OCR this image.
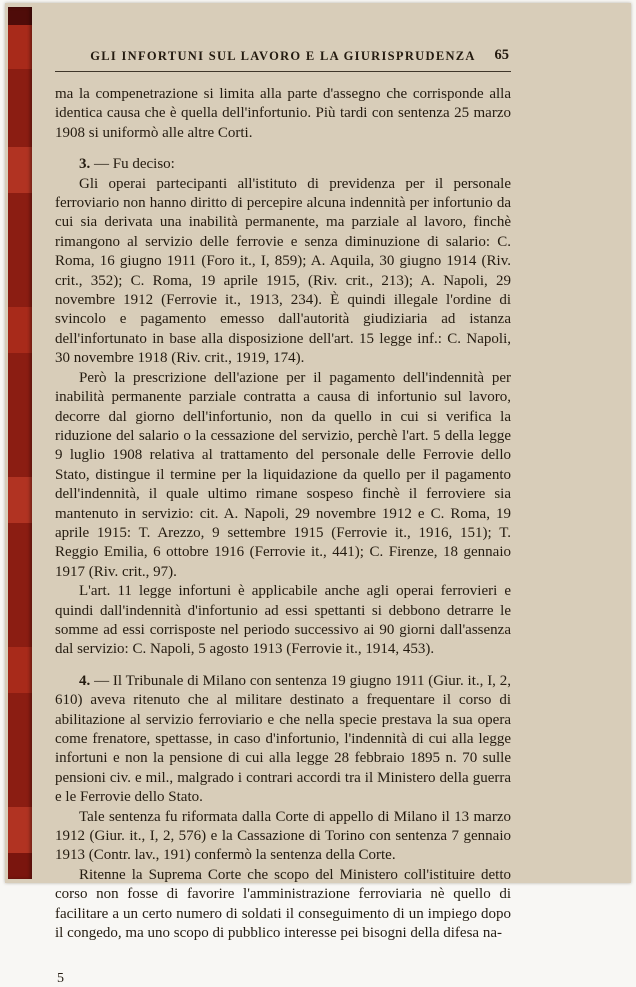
GLI INFORTUNI SUL LAVORO E LA GIURISPRUDENZA 65

ma la compenetrazione si limita alla parte d'assegno che corrisponde alla identica causa che è quella dell'infortunio. Più tardi con sentenza 25 marzo 1908 si uniformò alle altre Corti.

3. — Fu deciso:

Gli operai partecipanti all'istituto di previdenza per il personale ferroviario non hanno diritto di percepire alcuna indennità per infortunio da cui sia derivata una inabilità permanente, ma parziale al lavoro, finchè rimangono al servizio delle ferrovie e senza diminuzione di salario: C. Roma, 16 giugno 1911 (Foro it., I, 859); A. Aquila, 30 giugno 1914 (Riv. crit., 352); C. Roma, 19 aprile 1915, (Riv. crit., 213); A. Napoli, 29 novembre 1912 (Ferrovie it., 1913, 234). È quindi illegale l'ordine di svincolo e pagamento emesso dall'autorità giudiziaria ad istanza dell'infortunato in base alla disposizione dell'art. 15 legge inf.: C. Napoli, 30 novembre 1918 (Riv. crit., 1919, 174).

Però la prescrizione dell'azione per il pagamento dell'indennità per inabilità permanente parziale contratta a causa di infortunio sul lavoro, decorre dal giorno dell'infortunio, non da quello in cui si verifica la riduzione del salario o la cessazione del servizio, perchè l'art. 5 della legge 9 luglio 1908 relativa al trattamento del personale delle Ferrovie dello Stato, distingue il termine per la liquidazione da quello per il pagamento dell'indennità, il quale ultimo rimane sospeso finchè il ferroviere sia mantenuto in servizio: cit. A. Napoli, 29 novembre 1912 e C. Roma, 19 aprile 1915: T. Arezzo, 9 settembre 1915 (Ferrovie it., 1916, 151); T. Reggio Emilia, 6 ottobre 1916 (Ferrovie it., 441); C. Firenze, 18 gennaio 1917 (Riv. crit., 97).

L'art. 11 legge infortuni è applicabile anche agli operai ferrovieri e quindi dall'indennità d'infortunio ad essi spettanti si debbono detrarre le somme ad essi corrisposte nel periodo successivo ai 90 giorni dall'assenza dal servizio: C. Napoli, 5 agosto 1913 (Ferrovie it., 1914, 453).

4. — Il Tribunale di Milano con sentenza 19 giugno 1911 (Giur. it., I, 2, 610) aveva ritenuto che al militare destinato a frequentare il corso di abilitazione al servizio ferroviario e che nella specie prestava la sua opera come frenatore, spettasse, in caso d'infortunio, l'indennità di cui alla legge infortuni e non la pensione di cui alla legge 28 febbraio 1895 n. 70 sulle pensioni civ. e mil., malgrado i contrari accordi tra il Ministero della guerra e le Ferrovie dello Stato.

Tale sentenza fu riformata dalla Corte di appello di Milano il 13 marzo 1912 (Giur. it., I, 2, 576) e la Cassazione di Torino con sentenza 7 gennaio 1913 (Contr. lav., 191) confermò la sentenza della Corte.

Ritenne la Suprema Corte che scopo del Ministero coll'istituire detto corso non fosse di favorire l'amministrazione ferroviaria nè quello di facilitare a un certo numero di soldati il conseguimento di un impiego dopo il congedo, ma uno scopo di pubblico interesse pei bisogni della difesa na-

5
